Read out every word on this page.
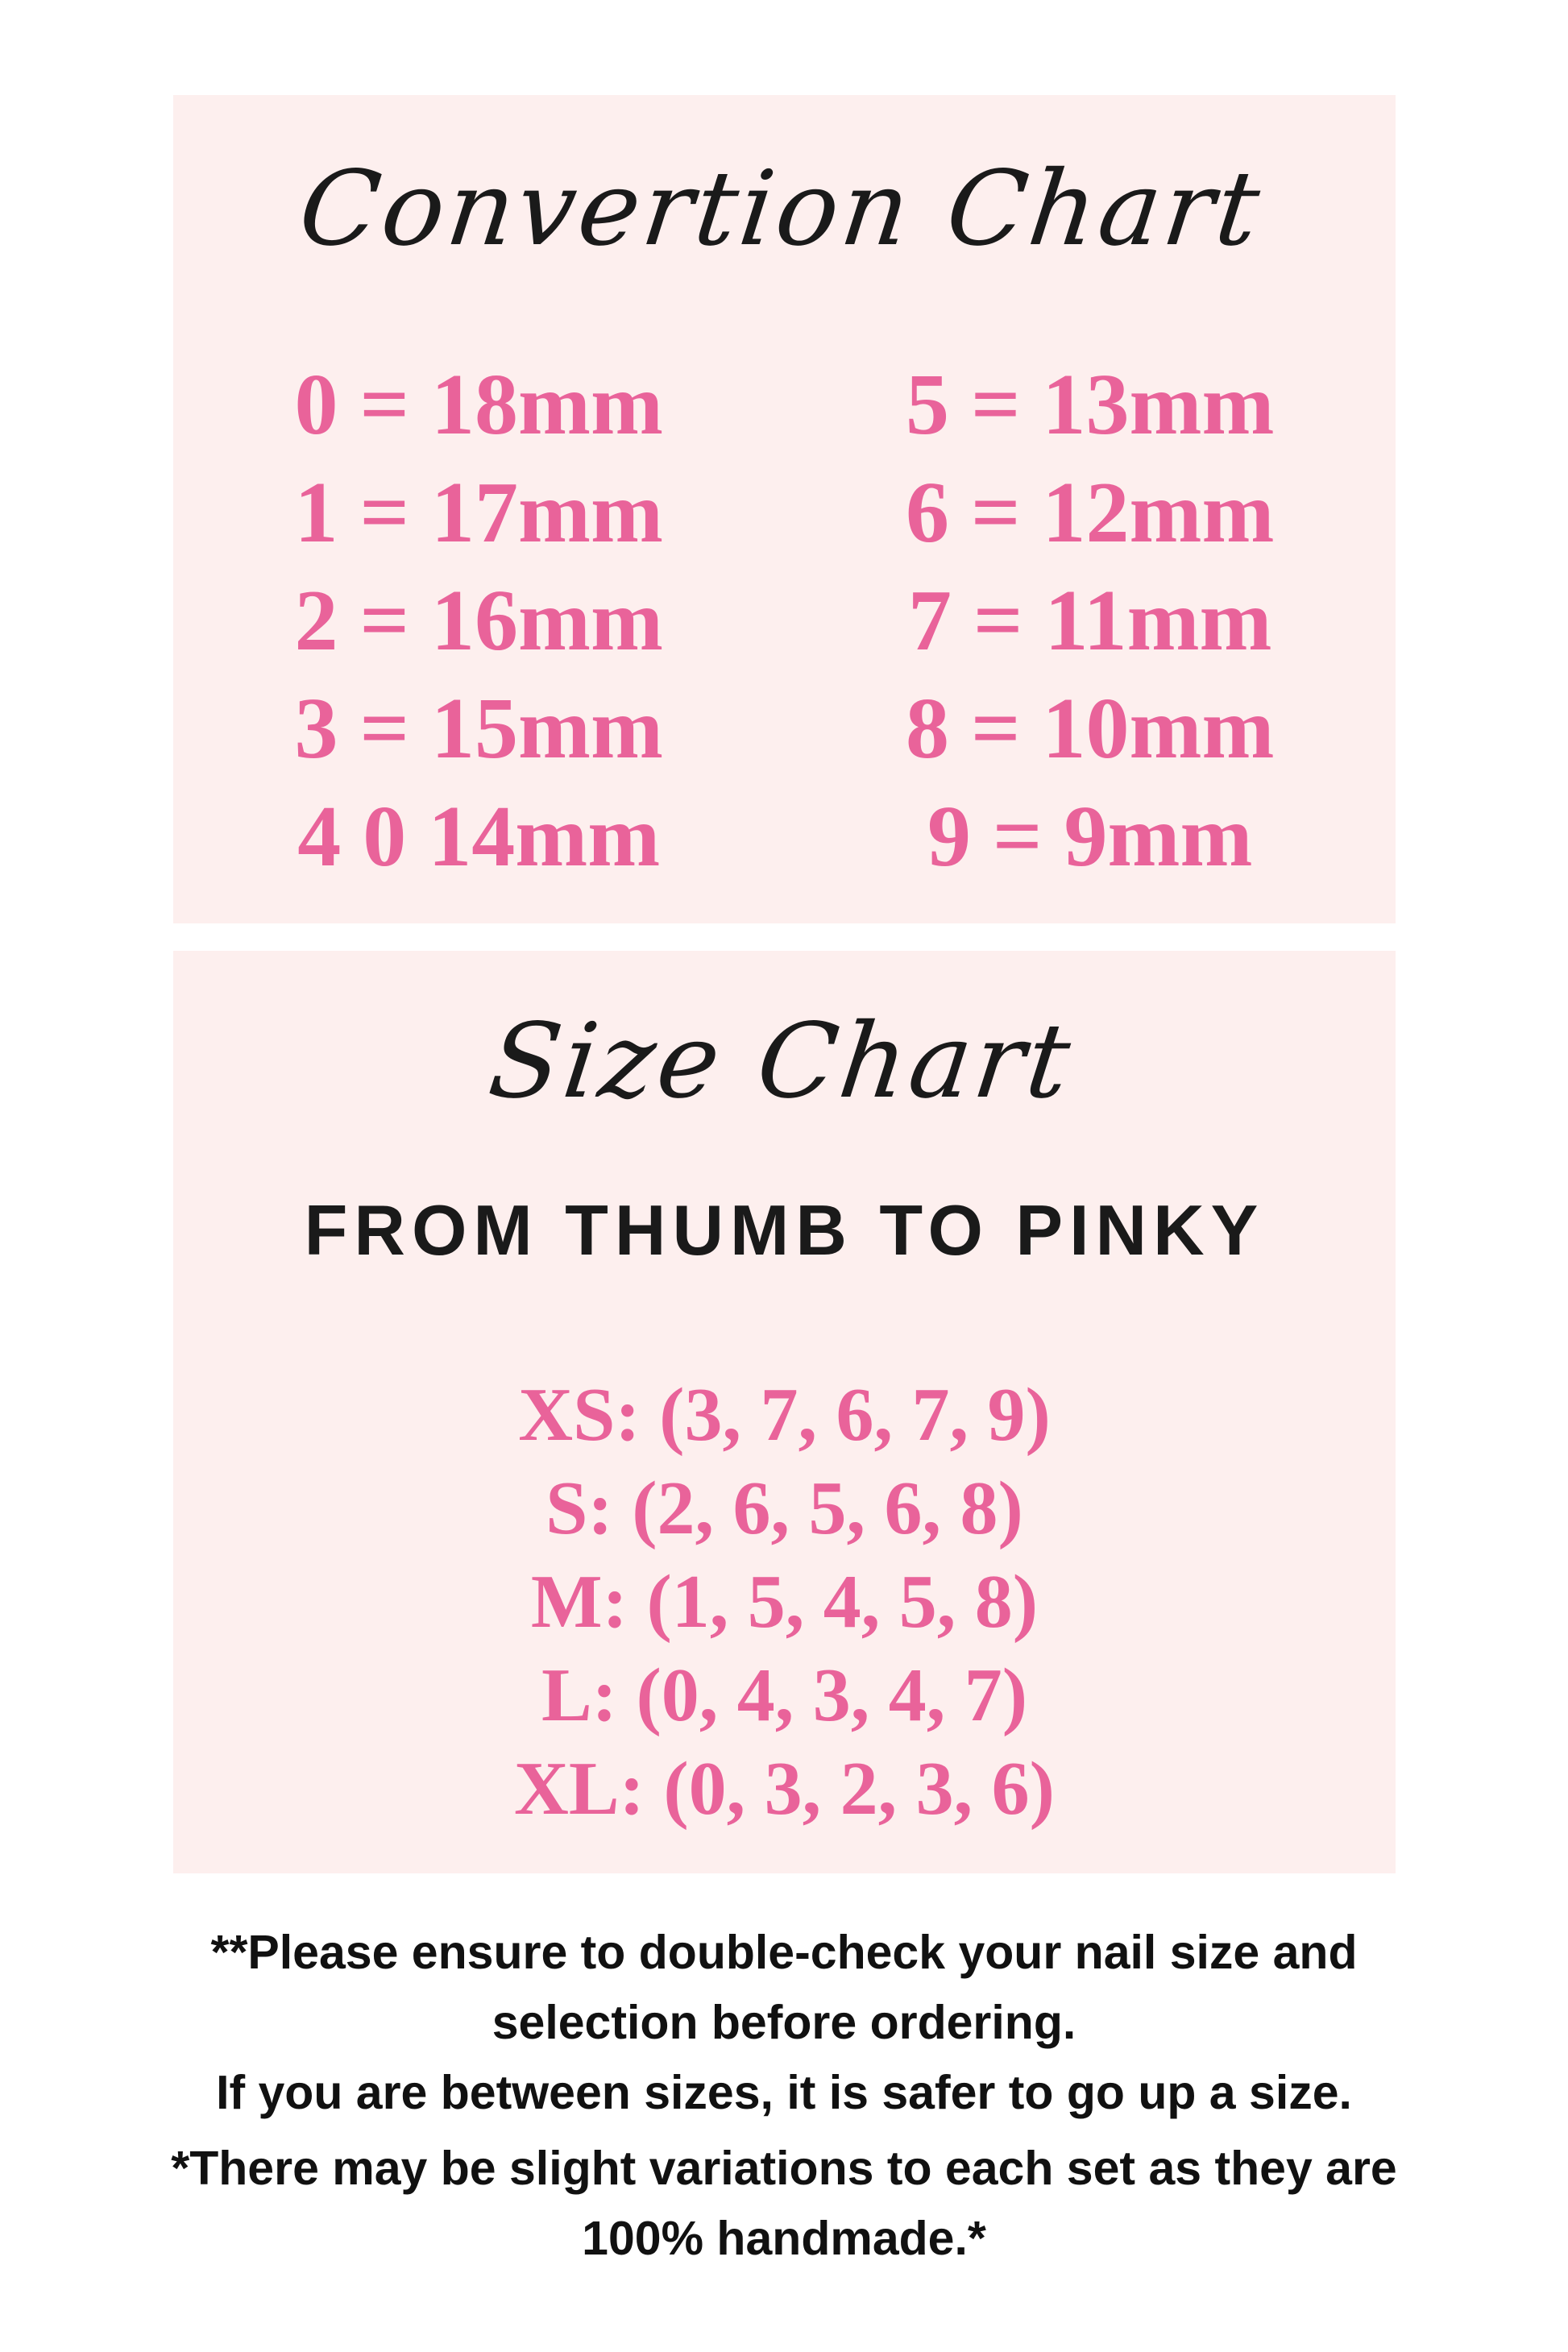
Convertion Chart
0 = 18mm
1 = 17mm
2 = 16mm
3 = 15mm
4 0 14mm
5 = 13mm
6 = 12mm
7 = 11mm
8 = 10mm
9 = 9mm
Size Chart
FROM THUMB TO PINKY
XS: (3, 7, 6, 7, 9)
S: (2, 6, 5, 6, 8)
M: (1, 5, 4, 5, 8)
L: (0, 4, 3, 4, 7)
XL: (0, 3, 2, 3, 6)
**Please ensure to double-check your nail size and
selection before ordering.
If you are between sizes, it is safer to go up a size.
*There may be slight variations to each set as they are
100% handmade.*
